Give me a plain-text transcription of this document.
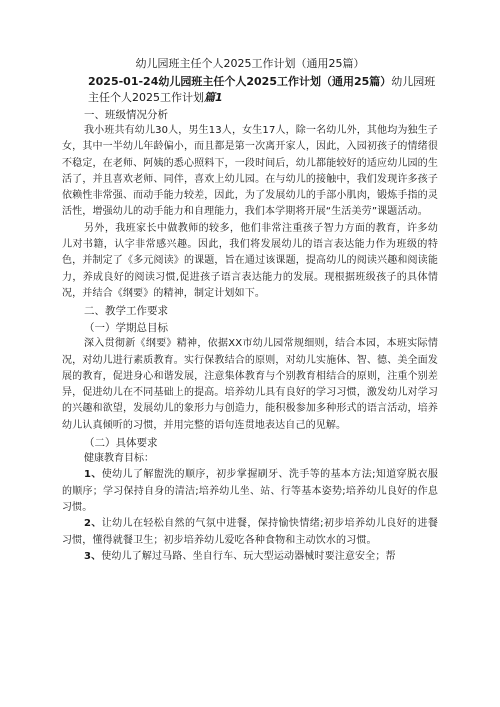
幼儿园班主任个人2025工作计划（通用25篇）

2025-01-24幼儿园班主任个人2025工作计划（通用25篇）幼儿园班
主任个人2025工作计划篇1

一、班级情况分析

我小班共有幼儿30人，男生13人，女生17人，除一名幼儿外，其他均为独生子女，其中一半幼儿年龄偏小，而且都是第一次离开家人，因此，入园初孩子的情绪很不稳定，在老师、阿姨的悉心照料下，一段时间后，幼儿都能较好的适应幼儿园的生活了，并且喜欢老师、同伴，喜欢上幼儿园。在与幼儿的接触中，我们发现许多孩子依赖性非常强、而动手能力较差，因此，为了发展幼儿的手部小肌肉，锻炼手指的灵活性，增强幼儿的动手能力和自理能力，我们本学期将开展“生活美劳”课题活动。

另外，我班家长中做教师的较多，他们非常注重孩子智力方面的教育，许多幼儿对书籍，认字非常感兴趣。因此，我们将发展幼儿的语言表达能力作为班级的特色，并制定了《多元阅读》的课题，旨在通过该课题，提高幼儿的阅读兴趣和阅读能力，养成良好的阅读习惯,促进孩子语言表达能力的发展。现根据班级孩子的具体情况，并结合《纲要》的精神，制定计划如下。

二、教学工作要求

（一）学期总目标

深入贯彻新《纲要》精神，依据XX市幼儿园常规细则，结合本园，本班实际情况，对幼儿进行素质教育。实行保教结合的原则，对幼儿实施体、智、德、美全面发展的教育，促进身心和谐发展，注意集体教育与个别教育相结合的原则，注重个别差异，促进幼儿在不同基础上的提高。培养幼儿具有良好的学习习惯，激发幼儿对学习的兴趣和欲望，发展幼儿的象形力与创造力，能积极参加多种形式的语言活动，培养幼儿认真倾听的习惯，并用完整的语句连贯地表达自己的见解。

（二）具体要求

健康教育目标：

1、使幼儿了解盥洗的顺序，初步掌握刷牙、洗手等的基本方法;知道穿脱衣服的顺序；学习保持自身的清洁;培养幼儿坐、站、行等基本姿势;培养幼儿良好的作息习惯。

2、让幼儿在轻松自然的气氛中进餐，保持愉快情绪;初步培养幼儿良好的进餐习惯，懂得就餐卫生；初步培养幼儿爱吃各种食物和主动饮水的习惯。

3、使幼儿了解过马路、坐自行车、玩大型运动器械时要注意安全；帮
